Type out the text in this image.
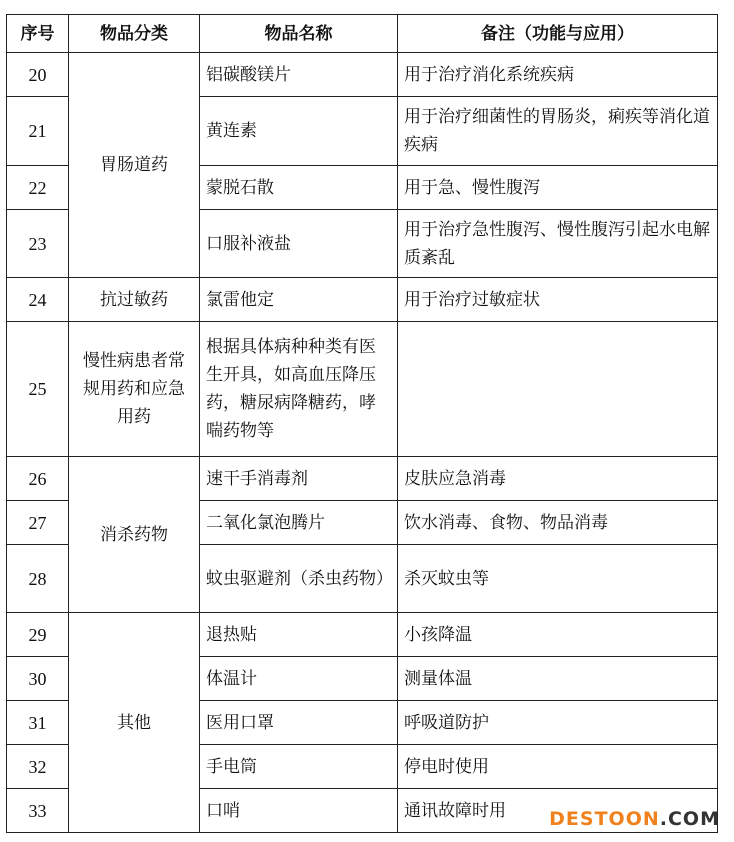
序号	物品分类	物品名称	备注（功能与应用）
20	胃肠道药	铝碳酸镁片	用于治疗消化系统疾病
21		黄连素	用于治疗细菌性的胃肠炎，痢疾等消化道疾病
22		蒙脱石散	用于急、慢性腹泻
23		口服补液盐	用于治疗急性腹泻、慢性腹泻引起水电解质紊乱
24	抗过敏药	氯雷他定	用于治疗过敏症状
25	慢性病患者常规用药和应急用药	根据具体病种种类有医生开具，如高血压降压药，糖尿病降糖药，哮喘药物等	
26	消杀药物	速干手消毒剂	皮肤应急消毒
27		二氧化氯泡腾片	饮水消毒、食物、物品消毒
28		蚊虫驱避剂（杀虫药物）	杀灭蚊虫等
29	其他	退热贴	小孩降温
30		体温计	测量体温
31		医用口罩	呼吸道防护
32		手电筒	停电时使用
33		口哨	通讯故障时用 DESTOON.COM
